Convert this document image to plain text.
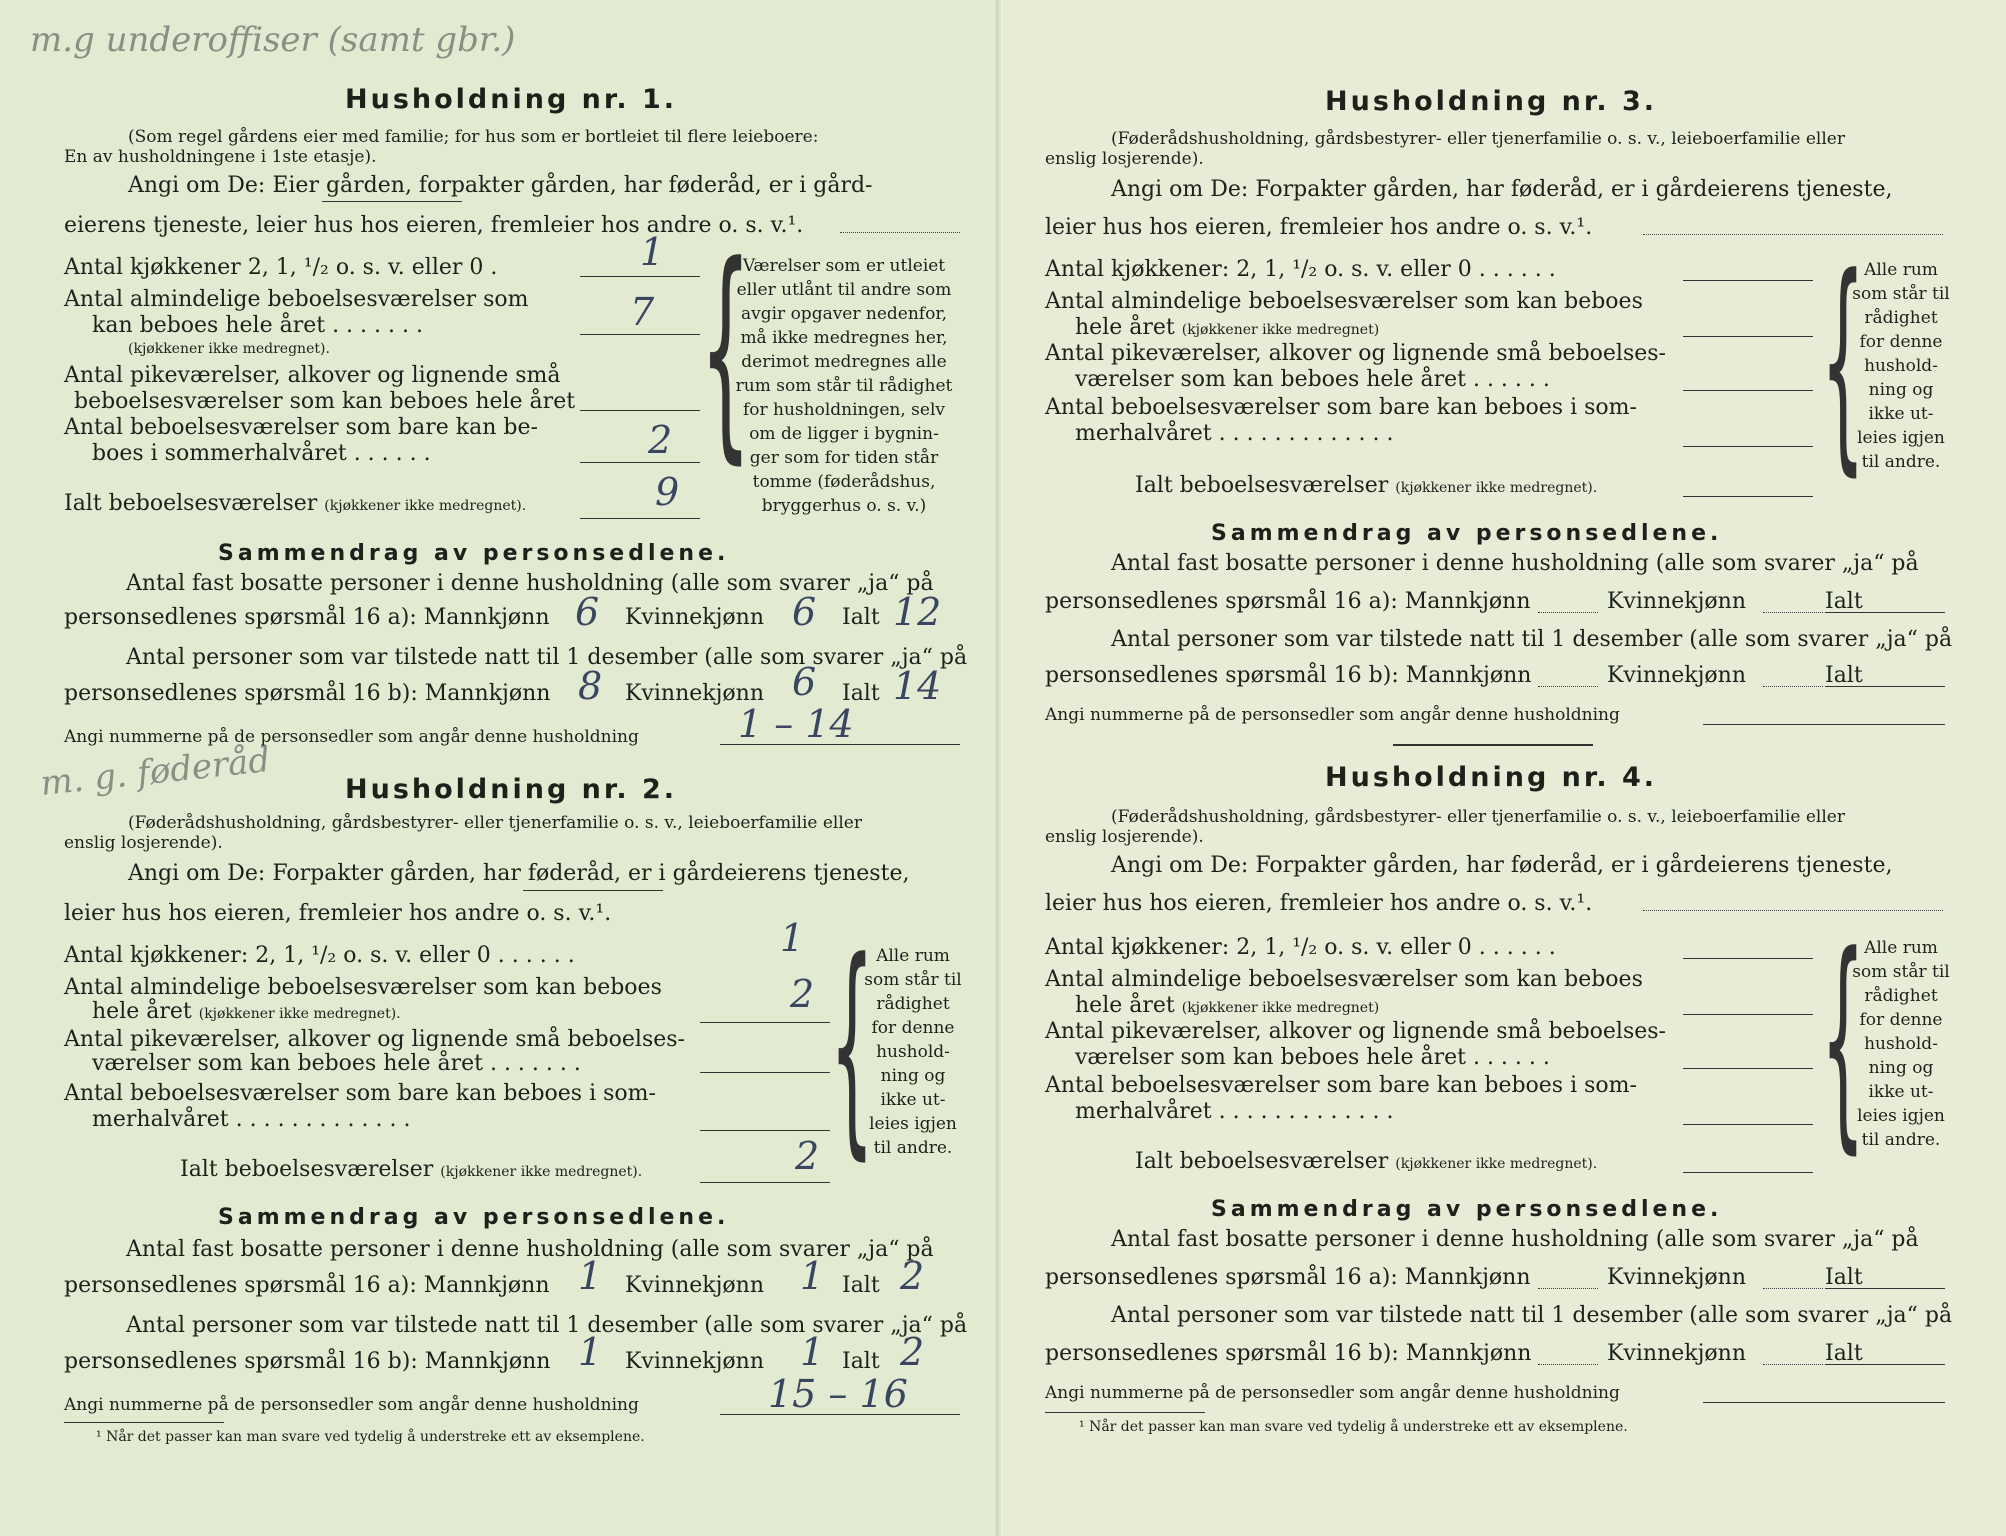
m.g underoffiser (samt gbr.)
m. g. føderåd
Husholdning nr. 1.
(Som regel gårdens eier med familie; for hus som er bortleiet til flere leieboere:
En av husholdningene i 1ste etasje).
Angi om De: Eier gården, forpakter gården, har føderåd, er i gård-
eierens tjeneste, leier hus hos eieren, fremleier hos andre o. s. v.¹.
Antal kjøkkener 2, 1, ¹/₂ o. s. v. eller 0 .	1
Antal almindelige beboelsesværelser som
kan beboes hele året . . . . . . .	7
(kjøkkener ikke medregnet).
Antal pikeværelser, alkover og lignende små
beboelsesværelser som kan beboes hele året
Antal beboelsesværelser som bare kan be-
boes i sommerhalvåret . . . . . .	2
Ialt beboelsesværelser (kjøkkener ikke medregnet).	9
{
Værelser som er utleiet
eller utlånt til andre som
avgir opgaver nedenfor,
må ikke medregnes her,
derimot medregnes alle
rum som står til rådighet
for husholdningen, selv
om de ligger i bygnin-
ger som for tiden står
tomme (føderådshus,
bryggerhus o. s. v.)
Sammendrag av personsedlene.
Antal fast bosatte personer i denne husholdning (alle som svarer „ja“ på
personsedlenes spørsmål 16 a): Mannkjønn 6 Kvinnekjønn 6 Ialt 12
Antal personer som var tilstede natt til 1 desember (alle som svarer „ja“ på
personsedlenes spørsmål 16 b): Mannkjønn 8 Kvinnekjønn 6 Ialt 14
Angi nummerne på de personsedler som angår denne husholdning	1 – 14
Husholdning nr. 2.
(Føderådshusholdning, gårdsbestyrer- eller tjenerfamilie o. s. v., leieboerfamilie eller
enslig losjerende).
Angi om De: Forpakter gården, har føderåd, er i gårdeierens tjeneste,
leier hus hos eieren, fremleier hos andre o. s. v.¹.
Antal kjøkkener: 2, 1, ¹/₂ o. s. v. eller 0 . . . . . .	1
Antal almindelige beboelsesværelser som kan beboes
hele året (kjøkkener ikke medregnet).	2
Antal pikeværelser, alkover og lignende små beboelses-
værelser som kan beboes hele året . . . . . . .
Antal beboelsesværelser som bare kan beboes i som-
merhalvåret . . . . . . . . . . . . .
Ialt beboelsesværelser (kjøkkener ikke medregnet).	2 { Alle rum
som står til
rådighet
for denne
hushold-
ning og
ikke ut-
leies igjen
til andre.
Sammendrag av personsedlene.
Antal fast bosatte personer i denne husholdning (alle som svarer „ja“ på
personsedlenes spørsmål 16 a): Mannkjønn 1 Kvinnekjønn 1 Ialt 2
Antal personer som var tilstede natt til 1 desember (alle som svarer „ja“ på
personsedlenes spørsmål 16 b): Mannkjønn 1 Kvinnekjønn 1 Ialt 2
Angi nummerne på de personsedler som angår denne husholdning	15 – 16
¹ Når det passer kan man svare ved tydelig å understreke ett av eksemplene.
Husholdning nr. 3.
(Føderådshusholdning, gårdsbestyrer- eller tjenerfamilie o. s. v., leieboerfamilie eller
enslig losjerende).
Angi om De: Forpakter gården, har føderåd, er i gårdeierens tjeneste,
leier hus hos eieren, fremleier hos andre o. s. v.¹.
Antal kjøkkener: 2, 1, ¹/₂ o. s. v. eller 0 . . . . . .
Antal almindelige beboelsesværelser som kan beboes
hele året (kjøkkener ikke medregnet)
Antal pikeværelser, alkover og lignende små beboelses-
værelser som kan beboes hele året . . . . . .
Antal beboelsesværelser som bare kan beboes i som-
merhalvåret . . . . . . . . . . . . .
Ialt beboelsesværelser (kjøkkener ikke medregnet). { Alle rum
som står til
rådighet
for denne
hushold-
ning og
ikke ut-
leies igjen
til andre.
Sammendrag av personsedlene.
Antal fast bosatte personer i denne husholdning (alle som svarer „ja“ på
personsedlenes spørsmål 16 a): Mannkjønn	Kvinnekjønn	Ialt
Antal personer som var tilstede natt til 1 desember (alle som svarer „ja“ på
personsedlenes spørsmål 16 b): Mannkjønn	Kvinnekjønn	Ialt
Angi nummerne på de personsedler som angår denne husholdning
Husholdning nr. 4.
(Føderådshusholdning, gårdsbestyrer- eller tjenerfamilie o. s. v., leieboerfamilie eller
enslig losjerende).
Angi om De: Forpakter gården, har føderåd, er i gårdeierens tjeneste,
leier hus hos eieren, fremleier hos andre o. s. v.¹.
Antal kjøkkener: 2, 1, ¹/₂ o. s. v. eller 0 . . . . . .
Antal almindelige beboelsesværelser som kan beboes
hele året (kjøkkener ikke medregnet)
Antal pikeværelser, alkover og lignende små beboelses-
værelser som kan beboes hele året . . . . . .
Antal beboelsesværelser som bare kan beboes i som-
merhalvåret . . . . . . . . . . . . .
Ialt beboelsesværelser (kjøkkener ikke medregnet). { Alle rum
som står til
rådighet
for denne
hushold-
ning og
ikke ut-
leies igjen
til andre.
Sammendrag av personsedlene.
Antal fast bosatte personer i denne husholdning (alle som svarer „ja“ på
personsedlenes spørsmål 16 a): Mannkjønn	Kvinnekjønn	Ialt
Antal personer som var tilstede natt til 1 desember (alle som svarer „ja“ på
personsedlenes spørsmål 16 b): Mannkjønn	Kvinnekjønn	Ialt
Angi nummerne på de personsedler som angår denne husholdning
¹ Når det passer kan man svare ved tydelig å understreke ett av eksemplene.
